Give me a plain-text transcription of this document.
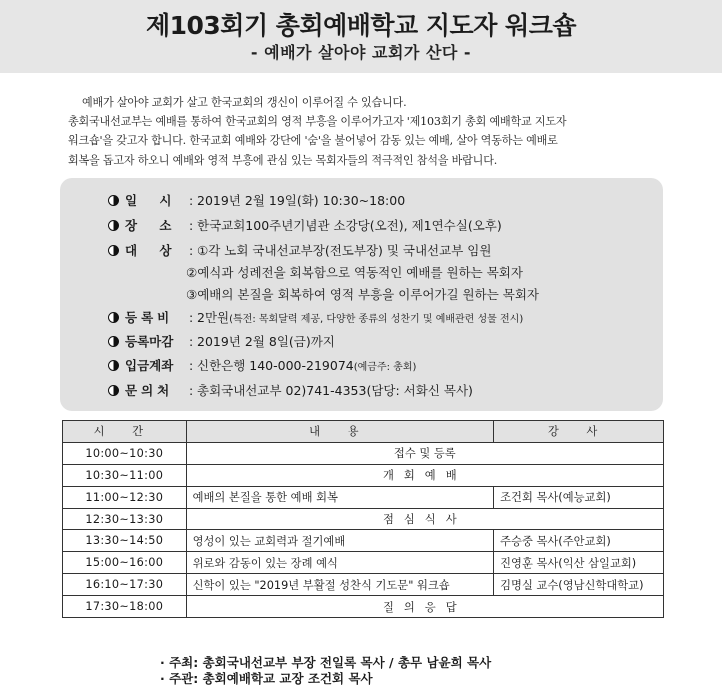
제103회기 총회예배학교 지도자 워크숍
- 예배가 살아야 교회가 산다 -

예배가 살아야 교회가 살고 한국교회의 갱신이 이루어질 수 있습니다.

총회국내선교부는 예배를 통하여 한국교회의 영적 부흥을 이루어가고자 '제103회기 총회 예배학교 지도자

워크숍'을 갖고자 합니다. 한국교회 예배와 강단에 '숨'을 불어넣어 감동 있는 예배, 살아 역동하는 예배로

회복을 돕고자 하오니 예배와 영적 부흥에 관심 있는 목회자들의 적극적인 참석을 바랍니다.

일 시 : 2019년 2월 19일(화) 10:30~18:00
장 소 : 한국교회100주년기념관 소강당(오전), 제1연수실(오후)
대 상 : ①각 노회 국내선교부장(전도부장) 및 국내선교부 임원
②예식과 성례전을 회복함으로 역동적인 예배를 원하는 목회자
③예배의 본질을 회복하여 영적 부흥을 이루어가길 원하는 목회자
등록비 : 2만원(특전: 목회달력 제공, 다양한 종류의 성찬기 및 예배관련 성물 전시)
등록마감 : 2019년 2월 8일(금)까지
입금계좌 : 신한은행 140-000-219074(예금주: 총회)
문의처 : 총회국내선교부 02)741-4353(담당: 서화신 목사)
시 간	내 용	강 사
10:00~10:30	접수 및 등록	
10:30~11:00	개회예배	
11:00~12:30	예배의 본질을 통한 예배 회복	조건회 목사(예능교회)
12:30~13:30	점심식사	
13:30~14:50	영성이 있는 교회력과 절기예배	주승중 목사(주안교회)
15:00~16:00	위로와 감동이 있는 장례 예식	진영훈 목사(익산 삼일교회)
16:10~17:30	신학이 있는 "2019년 부활절 성찬식 기도문" 워크숍	김명실 교수(영남신학대학교)
17:30~18:00	질의응답	
· 주최: 총회국내선교부 부장 전일록 목사 / 총무 남윤희 목사
· 주관: 총회예배학교 교장 조건회 목사
